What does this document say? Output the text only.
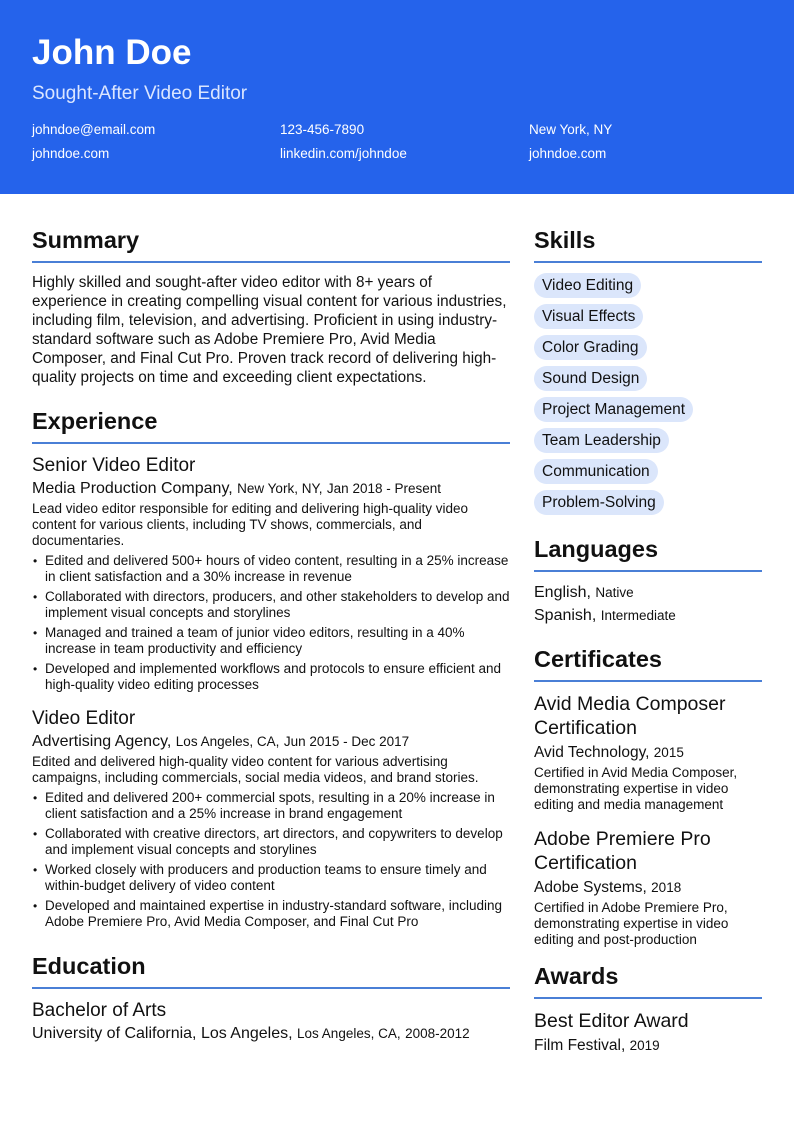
John Doe
Sought-After Video Editor
johndoe@email.com	123-456-7890	New York, NY
johndoe.com	linkedin.com/johndoe	johndoe.com
Summary
Highly skilled and sought-after video editor with 8+ years of experience in creating compelling visual content for various industries, including film, television, and advertising. Proficient in using industry-standard software such as Adobe Premiere Pro, Avid Media Composer, and Final Cut Pro. Proven track record of delivering high-quality projects on time and exceeding client expectations.
Experience
Senior Video Editor
Media Production Company, New York, NY, Jan 2018 - Present
Lead video editor responsible for editing and delivering high-quality video content for various clients, including TV shows, commercials, and documentaries.
• Edited and delivered 500+ hours of video content, resulting in a 25% increase in client satisfaction and a 30% increase in revenue
• Collaborated with directors, producers, and other stakeholders to develop and implement visual concepts and storylines
• Managed and trained a team of junior video editors, resulting in a 40% increase in team productivity and efficiency
• Developed and implemented workflows and protocols to ensure efficient and high-quality video editing processes
Video Editor
Advertising Agency, Los Angeles, CA, Jun 2015 - Dec 2017
Edited and delivered high-quality video content for various advertising campaigns, including commercials, social media videos, and brand stories.
• Edited and delivered 200+ commercial spots, resulting in a 20% increase in client satisfaction and a 25% increase in brand engagement
• Collaborated with creative directors, art directors, and copywriters to develop and implement visual concepts and storylines
• Worked closely with producers and production teams to ensure timely and within-budget delivery of video content
• Developed and maintained expertise in industry-standard software, including Adobe Premiere Pro, Avid Media Composer, and Final Cut Pro
Education
Bachelor of Arts
University of California, Los Angeles, Los Angeles, CA, 2008-2012
Skills
Video Editing
Visual Effects
Color Grading
Sound Design
Project Management
Team Leadership
Communication
Problem-Solving
Languages
English, Native
Spanish, Intermediate
Certificates
Avid Media Composer Certification
Avid Technology, 2015
Certified in Avid Media Composer, demonstrating expertise in video editing and media management
Adobe Premiere Pro Certification
Adobe Systems, 2018
Certified in Adobe Premiere Pro, demonstrating expertise in video editing and post-production
Awards
Best Editor Award
Film Festival, 2019
